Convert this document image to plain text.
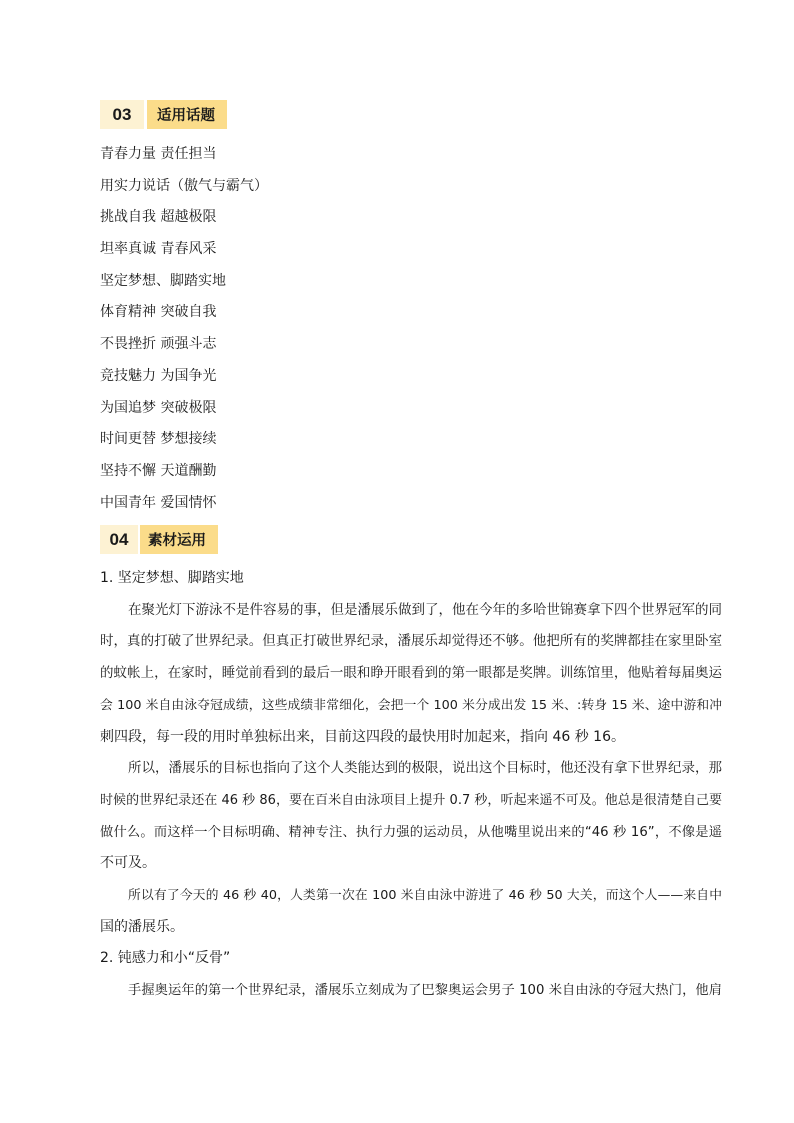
03	适用话题
青春力量 责任担当
用实力说话（傲气与霸气）
挑战自我 超越极限
坦率真诚 青春风采
坚定梦想、脚踏实地
体育精神 突破自我
不畏挫折 顽强斗志
竞技魅力 为国争光
为国追梦 突破极限
时间更替 梦想接续
坚持不懈 天道酬勤
中国青年 爱国情怀
04	素材运用

1. 坚定梦想、脚踏实地

在聚光灯下游泳不是件容易的事，但是潘展乐做到了，他在今年的多哈世锦赛拿下四个世界冠军的同
时，真的打破了世界纪录。但真正打破世界纪录，潘展乐却觉得还不够。他把所有的奖牌都挂在家里卧室
的蚊帐上，在家时，睡觉前看到的最后一眼和睁开眼看到的第一眼都是奖牌。训练馆里，他贴着每届奥运
会 100 米自由泳夺冠成绩，这些成绩非常细化，会把一个 100 米分成出发 15 米、:转身 15 米、途中游和冲
刺四段，每一段的用时单独标出来，目前这四段的最快用时加起来，指向 46 秒 16。

所以，潘展乐的目标也指向了这个人类能达到的极限，说出这个目标时，他还没有拿下世界纪录，那
时候的世界纪录还在 46 秒 86，要在百米自由泳项目上提升 0.7 秒，听起来遥不可及。他总是很清楚自己要
做什么。而这样一个目标明确、精神专注、执行力强的运动员，从他嘴里说出来的“46 秒 16”，不像是遥
不可及。

所以有了今天的 46 秒 40，人类第一次在 100 米自由泳中游进了 46 秒 50 大关，而这个人——来自中
国的潘展乐。

2. 钝感力和小“反骨”

手握奥运年的第一个世界纪录，潘展乐立刻成为了巴黎奥运会男子 100 米自由泳的夺冠大热门，他肩
